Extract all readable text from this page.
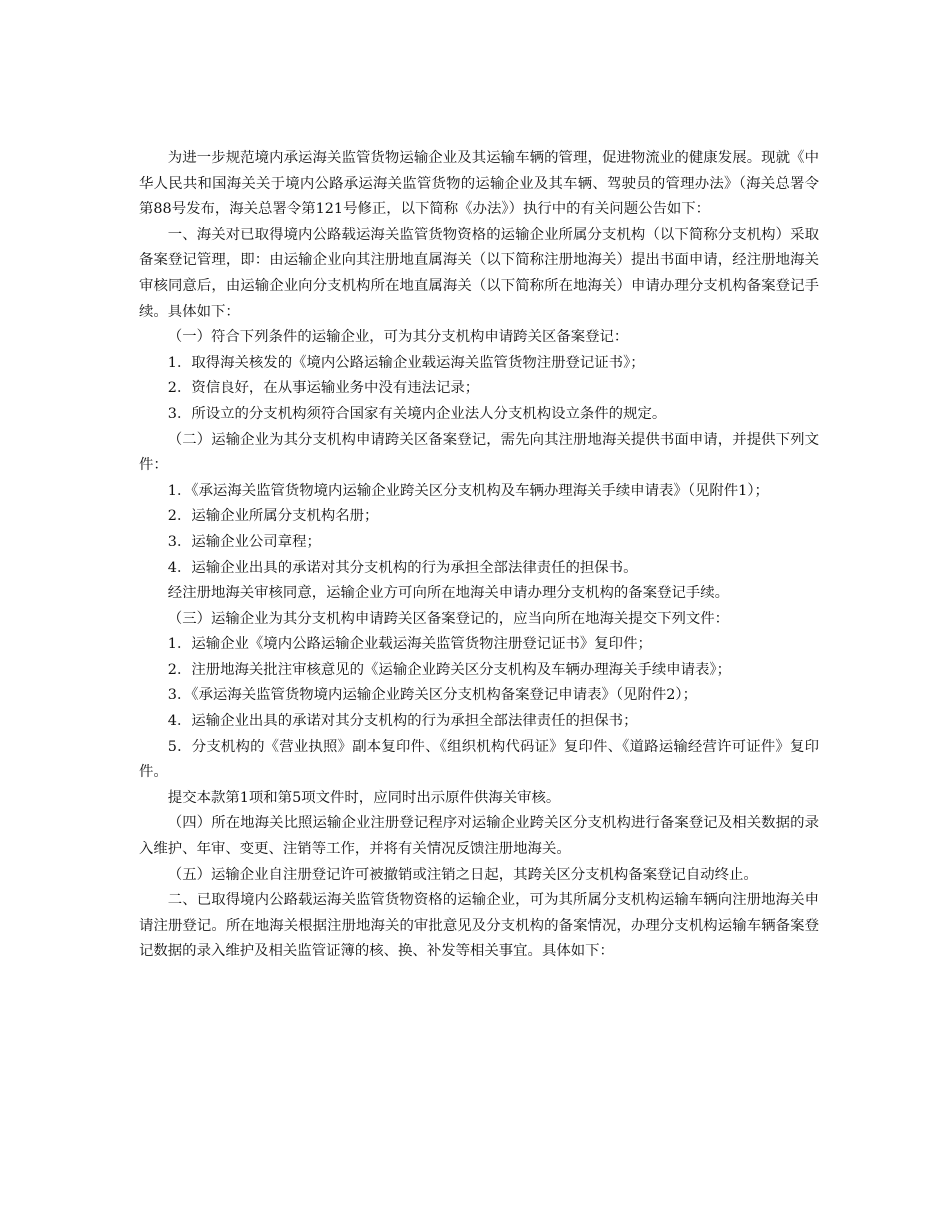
为进一步规范境内承运海关监管货物运输企业及其运输车辆的管理，促进物流业的健康发展。现就《中华人民共和国海关关于境内公路承运海关监管货物的运输企业及其车辆、驾驶员的管理办法》（海关总署令第88号发布，海关总署令第121号修正，以下简称《办法》）执行中的有关问题公告如下：

一、海关对已取得境内公路载运海关监管货物资格的运输企业所属分支机构（以下简称分支机构）采取备案登记管理，即：由运输企业向其注册地直属海关（以下简称注册地海关）提出书面申请，经注册地海关审核同意后，由运输企业向分支机构所在地直属海关（以下简称所在地海关）申请办理分支机构备案登记手续。具体如下：

（一）符合下列条件的运输企业，可为其分支机构申请跨关区备案登记：

1．取得海关核发的《境内公路运输企业载运海关监管货物注册登记证书》；

2．资信良好，在从事运输业务中没有违法记录；

3．所设立的分支机构须符合国家有关境内企业法人分支机构设立条件的规定。

（二）运输企业为其分支机构申请跨关区备案登记，需先向其注册地海关提供书面申请，并提供下列文件：

1．《承运海关监管货物境内运输企业跨关区分支机构及车辆办理海关手续申请表》（见附件1）；

2．运输企业所属分支机构名册；

3．运输企业公司章程；

4．运输企业出具的承诺对其分支机构的行为承担全部法律责任的担保书。

经注册地海关审核同意，运输企业方可向所在地海关申请办理分支机构的备案登记手续。

（三）运输企业为其分支机构申请跨关区备案登记的，应当向所在地海关提交下列文件：

1．运输企业《境内公路运输企业载运海关监管货物注册登记证书》复印件；

2．注册地海关批注审核意见的《运输企业跨关区分支机构及车辆办理海关手续申请表》；

3．《承运海关监管货物境内运输企业跨关区分支机构备案登记申请表》（见附件2）；

4．运输企业出具的承诺对其分支机构的行为承担全部法律责任的担保书；

5．分支机构的《营业执照》副本复印件、《组织机构代码证》复印件、《道路运输经营许可证件》复印件。

提交本款第1项和第5项文件时，应同时出示原件供海关审核。

（四）所在地海关比照运输企业注册登记程序对运输企业跨关区分支机构进行备案登记及相关数据的录入维护、年审、变更、注销等工作，并将有关情况反馈注册地海关。

（五）运输企业自注册登记许可被撤销或注销之日起，其跨关区分支机构备案登记自动终止。

二、已取得境内公路载运海关监管货物资格的运输企业，可为其所属分支机构运输车辆向注册地海关申请注册登记。所在地海关根据注册地海关的审批意见及分支机构的备案情况，办理分支机构运输车辆备案登记数据的录入维护及相关监管证簿的核、换、补发等相关事宜。具体如下：
